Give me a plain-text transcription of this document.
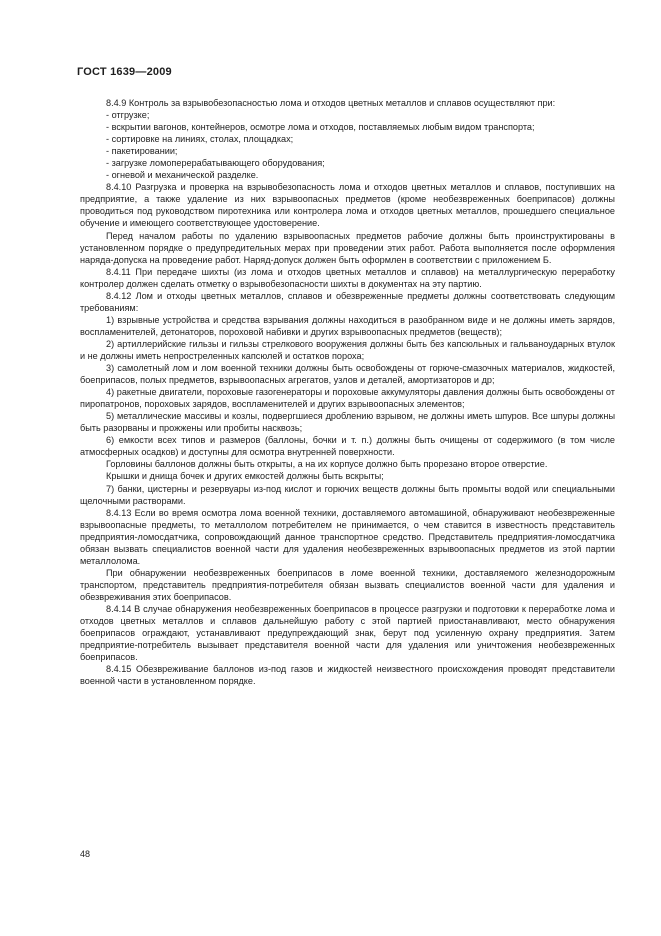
ГОСТ 1639—2009

8.4.9 Контроль за взрывобезопасностью лома и отходов цветных металлов и сплавов осуществляют при:

- отгрузке;

- вскрытии вагонов, контейнеров, осмотре лома и отходов, поставляемых любым видом транспорта;

- сортировке на линиях, столах, площадках;

- пакетировании;

- загрузке ломоперерабатывающего оборудования;

- огневой и механической разделке.

8.4.10 Разгрузка и проверка на взрывобезопасность лома и отходов цветных металлов и сплавов, поступивших на предприятие, а также удаление из них взрывоопасных предметов (кроме необезвреженных боеприпасов) должны проводиться под руководством пиротехника или контролера лома и отходов цветных металлов, прошедшего специальное обучение и имеющего соответствующее удостоверение.

Перед началом работы по удалению взрывоопасных предметов рабочие должны быть проинструктированы в установленном порядке о предупредительных мерах при проведении этих работ. Работа выполняется после оформления наряда-допуска на проведение работ. Наряд-допуск должен быть оформлен в соответствии с приложением Б.

8.4.11 При передаче шихты (из лома и отходов цветных металлов и сплавов) на металлургическую переработку контролер должен сделать отметку о взрывобезопасности шихты в документах на эту партию.

8.4.12 Лом и отходы цветных металлов, сплавов и обезвреженные предметы должны соответствовать следующим требованиям:

1) взрывные устройства и средства взрывания должны находиться в разобранном виде и не должны иметь зарядов, воспламенителей, детонаторов, пороховой набивки и других взрывоопасных предметов (веществ);

2) артиллерийские гильзы и гильзы стрелкового вооружения должны быть без капсюльных и гальваноударных втулок и не должны иметь непростреленных капсюлей и остатков пороха;

3) самолетный лом и лом военной техники должны быть освобождены от горюче-смазочных материалов, жидкостей, боеприпасов, полых предметов, взрывоопасных агрегатов, узлов и деталей, амортизаторов и др;

4) ракетные двигатели, пороховые газогенераторы и пороховые аккумуляторы давления должны быть освобождены от пиропатронов, пороховых зарядов, воспламенителей и других взрывоопасных элементов;

5) металлические массивы и козлы, подвергшиеся дроблению взрывом, не должны иметь шпуров. Все шпуры должны быть разорваны и прожжены или пробиты насквозь;

6) емкости всех типов и размеров (баллоны, бочки и т. п.) должны быть очищены от содержимого (в том числе атмосферных осадков) и доступны для осмотра внутренней поверхности.

Горловины баллонов должны быть открыты, а на их корпусе должно быть прорезано второе отверстие.

Крышки и днища бочек и других емкостей должны быть вскрыты;

7) банки, цистерны и резервуары из-под кислот и горючих веществ должны быть промыты водой или специальными щелочными растворами.

8.4.13 Если во время осмотра лома военной техники, доставляемого автомашиной, обнаруживают необезвреженные взрывоопасные предметы, то металлолом потребителем не принимается, о чем ставится в известность представитель предприятия-ломосдатчика, сопровождающий данное транспортное средство. Представитель предприятия-ломосдатчика обязан вызвать специалистов военной части для удаления необезвреженных взрывоопасных предметов из этой партии металлолома.

При обнаружении необезвреженных боеприпасов в ломе военной техники, доставляемого железнодорожным транспортом, представитель предприятия-потребителя обязан вызвать специалистов военной части для удаления и обезвреживания этих боеприпасов.

8.4.14 В случае обнаружения необезвреженных боеприпасов в процессе разгрузки и подготовки к переработке лома и отходов цветных металлов и сплавов дальнейшую работу с этой партией приостанавливают, место обнаружения боеприпасов ограждают, устанавливают предупреждающий знак, берут под усиленную охрану предприятия. Затем предприятие-потребитель вызывает представителя военной части для удаления или уничтожения необезвреженных боеприпасов.

8.4.15 Обезвреживание баллонов из-под газов и жидкостей неизвестного происхождения проводят представители военной части в установленном порядке.

48
